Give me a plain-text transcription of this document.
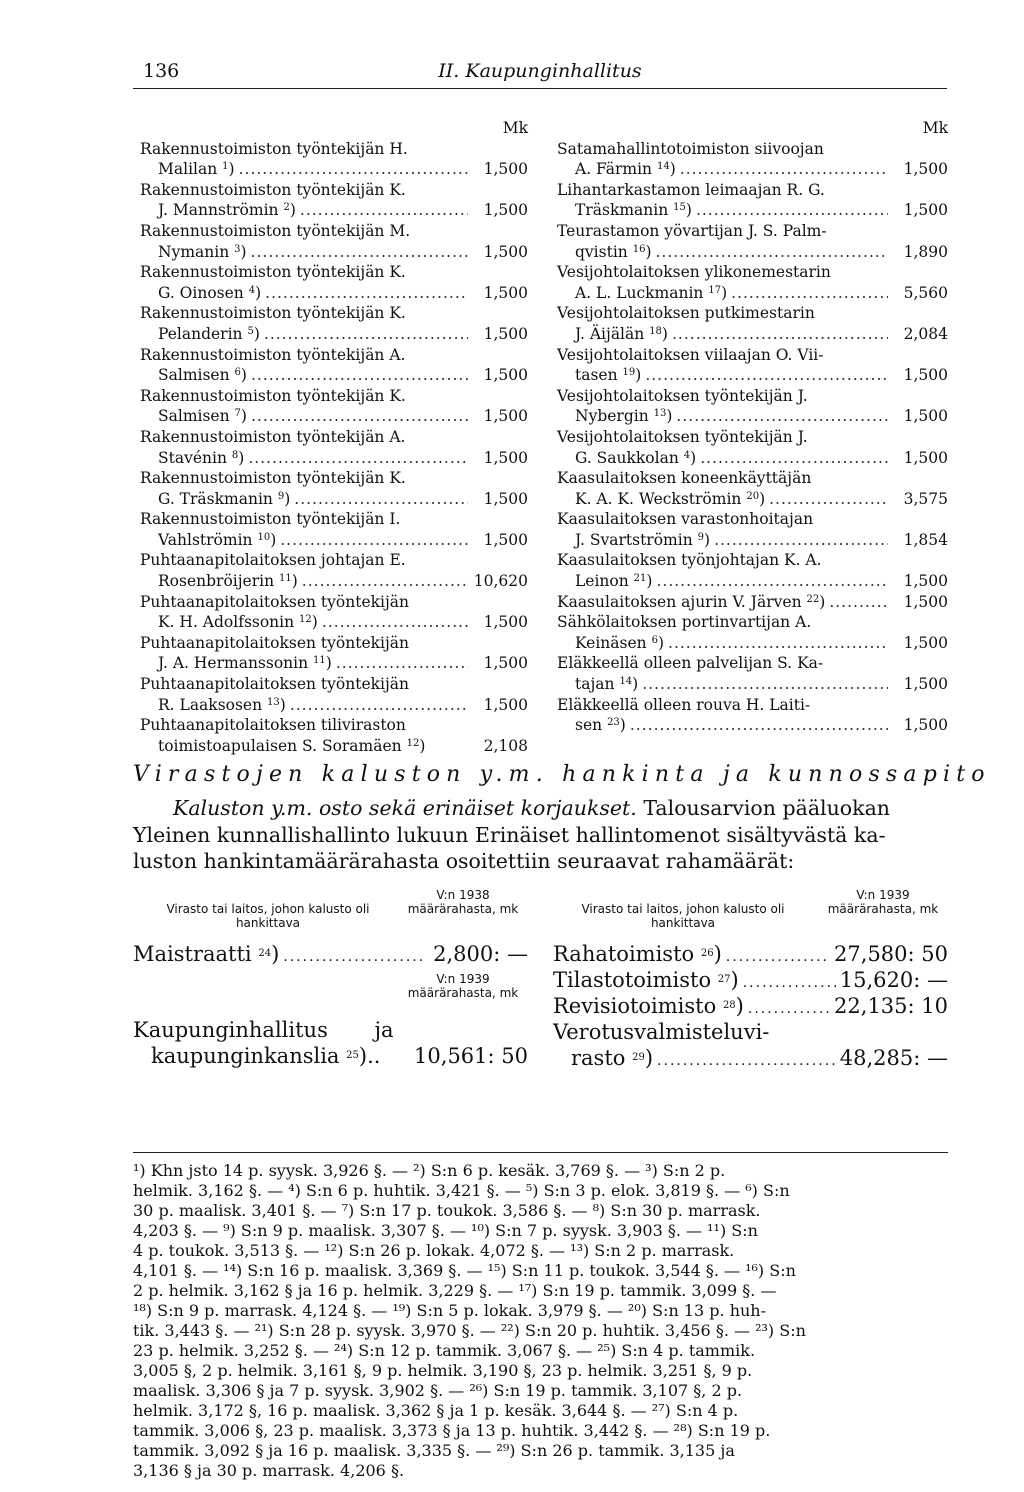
136	II. Kaupunginhallitus
Mk
Rakennustoimiston työntekijän H.
Malilan $^1$) .....	1,500
Rakennustoimiston työntekijän K.
J. Mannströmin $^2$) .....	1,500
Rakennustoimiston työntekijän M.
Nymanin $^3$) .....	1,500
Rakennustoimiston työntekijän K.
G. Oinosen $^4$) .....	1,500
Rakennustoimiston työntekijän K.
Pelanderin $^5$) .....	1,500
Rakennustoimiston työntekijän A.
Salmisen $^6$) .....	1,500
Rakennustoimiston työntekijän K.
Salmisen $^7$) .....	1,500
Rakennustoimiston työntekijän A.
Stavénin $^8$) .....	1,500
Rakennustoimiston työntekijän K.
G. Träskmanin $^9$) .....	1,500
Rakennustoimiston työntekijän I.
Vahlströmin $^{10}$) .....	1,500
Puhtaanapitolaitoksen johtajan E.
Rosenbröijerin $^{11}$) .....	10,620
Puhtaanapitolaitoksen työntekijän
K. H. Adolfssonin $^{12}$) .....	1,500
Puhtaanapitolaitoksen työntekijän
J. A. Hermanssonin $^{11}$) .....	1,500
Puhtaanapitolaitoksen työntekijän
R. Laaksosen $^{13}$) .....	1,500
Puhtaanapitolaitoksen tiliviraston
toimistoapulaisen S. Soramäen $^{12}$)	2,108
Mk
Satamahallintotoimiston siivoojan
A. Färmin $^{14}$) .....	1,500
Lihantarkastamon leimaajan R. G.
Träskmanin $^{15}$) .....	1,500
Teurastamon yövartijan J. S. Palm-
qvistin $^{16}$) .....	1,890
Vesijohtolaitoksen ylikonemestarin
A. L. Luckmanin $^{17}$) .....	5,560
Vesijohtolaitoksen putkimestarin
J. Äijälän $^{18}$) .....	2,084
Vesijohtolaitoksen viilaajan O. Vii-
tasen $^{19}$) .....	1,500
Vesijohtolaitoksen työntekijän J.
Nybergin $^{13}$) .....	1,500
Vesijohtolaitoksen työntekijän J.
G. Saukkolan $^4$) .....	1,500
Kaasulaitoksen koneenkäyttäjän
K. A. K. Weckströmin $^{20}$) .....	3,575
Kaasulaitoksen varastonhoitajan
J. Svartströmin $^9$) .....	1,854
Kaasulaitoksen työnjohtajan K. A.
Leinon $^{21}$) .....	1,500
Kaasulaitoksen ajurin V. Järven $^{22}$) .....	1,500
Sähkölaitoksen portinvartijan A.
Keinäsen $^6$) .....	1,500
Eläkkeellä olleen palvelijan S. Ka-
tajan $^{14}$) .....	1,500
Eläkkeellä olleen rouva H. Laiti-
sen $^{23}$) .....	1,500
Virastojen kaluston y.m. hankinta ja kunnossapito
Kaluston y.m. osto sekä erinäiset korjaukset. Talousarvion pääluokan
Yleinen kunnallishallinto lukuun Erinäiset hallintomenot sisältyvästä ka-
luston hankintamäärärahasta osoitettiin seuraavat rahamäärät:
Virasto tai laitos, johon kalusto oli hankittava
V:n 1938 määrärahasta, mk
Maistraatti $^{24}$) .....	2,800: —
V:n 1939 määrärahasta, mk
Kaupunginhallitus ja
kaupunginkanslia $^{25}$).. 10,561: 50
Virasto tai laitos, johon kalusto oli hankittava
V:n 1939 määrärahasta, mk
Rahatoimisto $^{26}$) .....	27,580: 50
Tilastotoimisto $^{27}$) .....	15,620: —
Revisiotoimisto $^{28}$) .....	22,135: 10
Verotusvalmisteluvi-
rasto $^{29}$) .....	48,285: —
¹) Khn jsto 14 p. syysk. 3,926 §. — ²) S:n 6 p. kesäk. 3,769 §. — ³) S:n 2 p.
helmik. 3,162 §. — ⁴) S:n 6 p. huhtik. 3,421 §. — ⁵) S:n 3 p. elok. 3,819 §. — ⁶) S:n
30 p. maalisk. 3,401 §. — ⁷) S:n 17 p. toukok. 3,586 §. — ⁸) S:n 30 p. marrask.
4,203 §. — ⁹) S:n 9 p. maalisk. 3,307 §. — ¹⁰) S:n 7 p. syysk. 3,903 §. — ¹¹) S:n
4 p. toukok. 3,513 §. — ¹²) S:n 26 p. lokak. 4,072 §. — ¹³) S:n 2 p. marrask.
4,101 §. — ¹⁴) S:n 16 p. maalisk. 3,369 §. — ¹⁵) S:n 11 p. toukok. 3,544 §. — ¹⁶) S:n
2 p. helmik. 3,162 § ja 16 p. helmik. 3,229 §. — ¹⁷) S:n 19 p. tammik. 3,099 §. —
¹⁸) S:n 9 p. marrask. 4,124 §. — ¹⁹) S:n 5 p. lokak. 3,979 §. — ²⁰) S:n 13 p. huh-
tik. 3,443 §. — ²¹) S:n 28 p. syysk. 3,970 §. — ²²) S:n 20 p. huhtik. 3,456 §. — ²³) S:n
23 p. helmik. 3,252 §. — ²⁴) S:n 12 p. tammik. 3,067 §. — ²⁵) S:n 4 p. tammik.
3,005 §, 2 p. helmik. 3,161 §, 9 p. helmik. 3,190 §, 23 p. helmik. 3,251 §, 9 p.
maalisk. 3,306 § ja 7 p. syysk. 3,902 §. — ²⁶) S:n 19 p. tammik. 3,107 §, 2 p.
helmik. 3,172 §, 16 p. maalisk. 3,362 § ja 1 p. kesäk. 3,644 §. — ²⁷) S:n 4 p.
tammik. 3,006 §, 23 p. maalisk. 3,373 § ja 13 p. huhtik. 3,442 §. — ²⁸) S:n 19 p.
tammik. 3,092 § ja 16 p. maalisk. 3,335 §. — ²⁹) S:n 26 p. tammik. 3,135 ja
3,136 § ja 30 p. marrask. 4,206 §.
